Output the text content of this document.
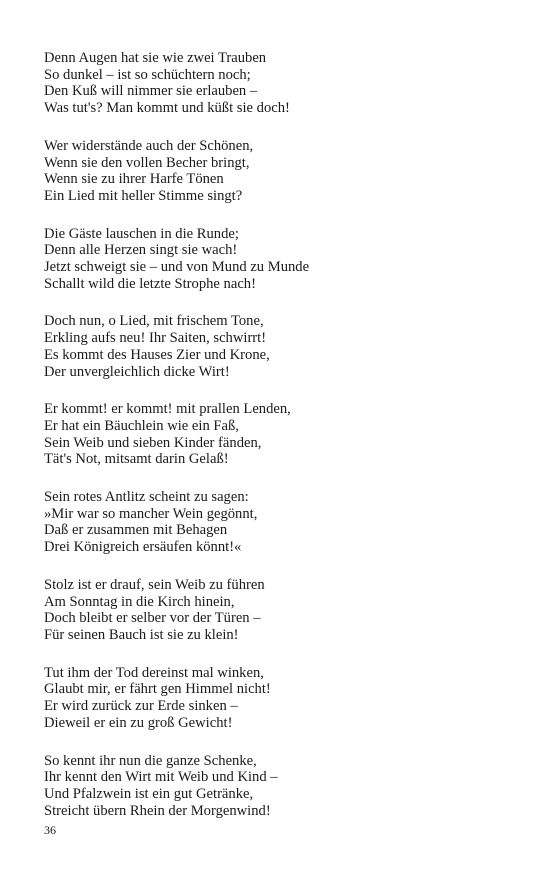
Denn Augen hat sie wie zwei Trauben
So dunkel – ist so schüchtern noch;
Den Kuß will nimmer sie erlauben –
Was tut's? Man kommt und küßt sie doch!
Wer widerstände auch der Schönen,
Wenn sie den vollen Becher bringt,
Wenn sie zu ihrer Harfe Tönen
Ein Lied mit heller Stimme singt?
Die Gäste lauschen in die Runde;
Denn alle Herzen singt sie wach!
Jetzt schweigt sie – und von Mund zu Munde
Schallt wild die letzte Strophe nach!
Doch nun, o Lied, mit frischem Tone,
Erkling aufs neu! Ihr Saiten, schwirrt!
Es kommt des Hauses Zier und Krone,
Der unvergleichlich dicke Wirt!
Er kommt! er kommt! mit prallen Lenden,
Er hat ein Bäuchlein wie ein Faß,
Sein Weib und sieben Kinder fänden,
Tät's Not, mitsamt darin Gelaß!
Sein rotes Antlitz scheint zu sagen:
»Mir war so mancher Wein gegönnt,
Daß er zusammen mit Behagen
Drei Königreich ersäufen könnt!«
Stolz ist er drauf, sein Weib zu führen
Am Sonntag in die Kirch hinein,
Doch bleibt er selber vor der Türen –
Für seinen Bauch ist sie zu klein!
Tut ihm der Tod dereinst mal winken,
Glaubt mir, er fährt gen Himmel nicht!
Er wird zurück zur Erde sinken –
Dieweil er ein zu groß Gewicht!
So kennt ihr nun die ganze Schenke,
Ihr kennt den Wirt mit Weib und Kind –
Und Pfalzwein ist ein gut Getränke,
Streicht übern Rhein der Morgenwind!
36
